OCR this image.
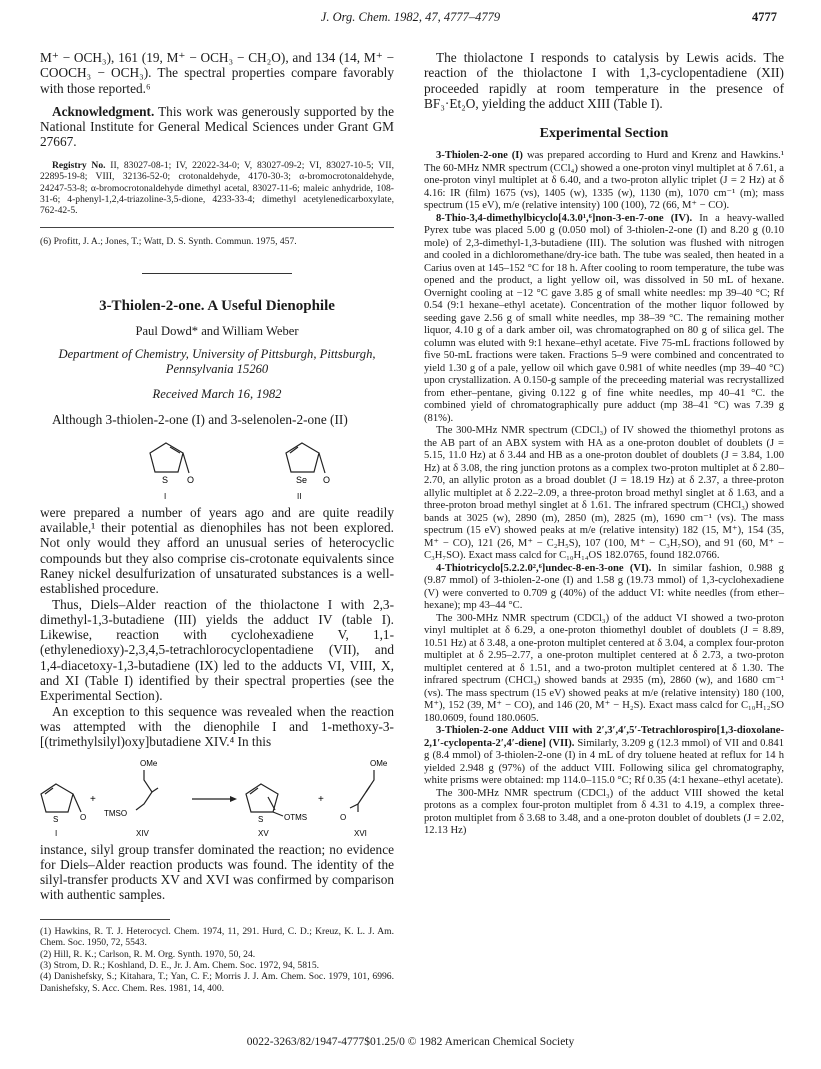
J. Org. Chem. 1982, 47, 4777–4779	4777

M⁺ − OCH₃), 161 (19, M⁺ − OCH₃ − CH₂O), and 134 (14, M⁺ − COOCH₃ − OCH₃). The spectral properties compare favorably with those reported.⁶

Acknowledgment. This work was generously supported by the National Institute for General Medical Sciences under Grant GM 27667.

Registry No. II, 83027-08-1; IV, 22022-34-0; V, 83027-09-2; VI, 83027-10-5; VII, 22895-19-8; VIII, 32136-52-0; crotonaldehyde, 4170-30-3; α-bromocrotonaldehyde, 24247-53-8; α-bromocrotonaldehyde dimethyl acetal, 83027-11-6; maleic anhydride, 108-31-6; 4-phenyl-1,2,4-triazoline-3,5-dione, 4233-33-4; dimethyl acetylenedicarboxylate, 762-42-5.

(6) Profitt, J. A.; Jones, T.; Watt, D. S. Synth. Commun. 1975, 457.
3-Thiolen-2-one. A Useful Dienophile
Paul Dowd* and William Weber
Department of Chemistry, University of Pittsburgh, Pittsburgh, Pennsylvania 15260
Received March 16, 1982

Although 3-thiolen-2-one (I) and 3-selenolen-2-one (II)

S O
I
Se O
II

were prepared a number of years ago and are quite readily available,¹ their potential as dienophiles has not been explored. Not only would they afford an unusual series of heterocyclic compounds but they also comprise cis-crotonate equivalents since Raney nickel desulfurization of unsaturated substances is a well-established procedure.

Thus, Diels–Alder reaction of the thiolactone I with 2,3-dimethyl-1,3-butadiene (III) yields the adduct IV (table I). Likewise, reaction with cyclohexadiene V, 1,1-(ethylenedioxy)-2,3,4,5-tetrachlorocyclopentadiene (VII), and 1,4-diacetoxy-1,3-butadiene (IX) led to the adducts VI, VIII, X, and XI (Table I) identified by their spectral properties (see the Experimental Section).

An exception to this sequence was revealed when the reaction was attempted with the dienophile I and 1-methoxy-3-[(trimethylsilyl)oxy]butadiene XIV.⁴ In this

S	O
I
+
OMe
TMSO
XIV
S	OTMS
XV
+
OMe
O
XVI

instance, silyl group transfer dominated the reaction; no evidence for Diels–Alder reaction products was found. The identity of the silyl-transfer products XV and XVI was confirmed by comparison with authentic samples.

(1) Hawkins, R. T. J. Heterocycl. Chem. 1974, 11, 291. Hurd, C. D.; Kreuz, K. L. J. Am. Chem. Soc. 1950, 72, 5543.

(2) Hill, R. K.; Carlson, R. M. Org. Synth. 1970, 50, 24.

(3) Strom, D. R.; Koshland, D. E., Jr. J. Am. Chem. Soc. 1972, 94, 5815.

(4) Danishefsky, S.; Kitahara, T.; Yan, C. F.; Morris J. J. Am. Chem. Soc. 1979, 101, 6996. Danishefsky, S. Acc. Chem. Res. 1981, 14, 400.

The thiolactone I responds to catalysis by Lewis acids. The reaction of the thiolactone I with 1,3-cyclopentadiene (XII) proceeded rapidly at room temperature in the presence of BF₃·Et₂O, yielding the adduct XIII (Table I).

Experimental Section

3-Thiolen-2-one (I) was prepared according to Hurd and Krenz and Hawkins.¹ The 60-MHz NMR spectrum (CCl₄) showed a one-proton vinyl multiplet at δ 7.61, a one-proton vinyl multiplet at δ 6.40, and a two-proton allylic triplet (J = 2 Hz) at δ 4.16: IR (film) 1675 (vs), 1405 (w), 1335 (w), 1130 (m), 1070 cm⁻¹ (m); mass spectrum (15 eV), m/e (relative intensity) 100 (100), 72 (66, M⁺ − CO).

8-Thio-3,4-dimethylbicyclo[4.3.0¹,⁶]non-3-en-7-one (IV). In a heavy-walled Pyrex tube was placed 5.00 g (0.050 mol) of 3-thiolen-2-one (I) and 8.20 g (0.10 mole) of 2,3-dimethyl-1,3-butadiene (III). The solution was flushed with nitrogen and cooled in a dichloromethane/dry-ice bath. The tube was sealed, then heated in a Carius oven at 145–152 °C for 18 h. After cooling to room temperature, the tube was opened and the product, a light yellow oil, was dissolved in 50 mL of hexane. Overnight cooling at −12 °C gave 3.85 g of small white needles: mp 39–40 °C; Rf 0.54 (9:1 hexane–ethyl acetate). Concentration of the mother liquor followed by seeding gave 2.56 g of small white needles, mp 38–39 °C. The remaining mother liquor, 4.10 g of a dark amber oil, was chromatographed on 80 g of silica gel. The column was eluted with 9:1 hexane–ethyl acetate. Five 75-mL fractions followed by five 50-mL fractions were taken. Fractions 5–9 were combined and concentrated to yield 1.30 g of a pale, yellow oil which gave 0.981 of white needles (mp 39–40 °C) upon crystallization. A 0.150-g sample of the preceeding material was recrystallized from ether–pentane, giving 0.122 g of fine white needles, mp 40–41 °C. the combined yield of chromatographically pure adduct (mp 38–41 °C) was 7.39 g (81%).

The 300-MHz NMR spectrum (CDCl₃) of IV showed the thiomethyl protons as the AB part of an ABX system with HA as a one-proton doublet of doublets (J = 5.15, 11.0 Hz) at δ 3.44 and HB as a one-proton doublet of doublets (J = 3.84, 1.00 Hz) at δ 3.08, the ring junction protons as a complex two-proton multiplet at δ 2.80–2.70, an allylic proton as a broad doublet (J = 18.19 Hz) at δ 2.37, a three-proton allylic multiplet at δ 2.22–2.09, a three-proton broad methyl singlet at δ 1.63, and a three-proton broad methyl singlet at δ 1.61. The infrared spectrum (CHCl₃) showed bands at 3025 (w), 2890 (m), 2850 (m), 2825 (m), 1690 cm⁻¹ (vs). The mass spectrum (15 eV) showed peaks at m/e (relative intensity) 182 (15, M⁺), 154 (35, M⁺ − CO), 121 (26, M⁺ − C₂H₅S), 107 (100, M⁺ − C₃H₇SO), and 91 (60, M⁺ − C₃H₇SO). Exact mass calcd for C₁₀H₁₄OS 182.0765, found 182.0766.

4-Thiotricyclo[5.2.2.0²,⁶]undec-8-en-3-one (VI). In similar fashion, 0.988 g (9.87 mmol) of 3-thiolen-2-one (I) and 1.58 g (19.73 mmol) of 1,3-cyclohexadiene (V) were converted to 0.709 g (40%) of the adduct VI: white needles (from ether–hexane); mp 43–44 °C.

The 300-MHz NMR spectrum (CDCl₃) of the adduct VI showed a two-proton vinyl multiplet at δ 6.29, a one-proton thiomethyl doublet of doublets (J = 8.89, 10.51 Hz) at δ 3.48, a one-proton multiplet centered at δ 3.04, a complex four-proton multiplet at δ 2.95–2.77, a one-proton multiplet centered at δ 2.73, a two-proton multiplet centered at δ 1.51, and a two-proton multiplet centered at δ 1.30. The infrared spectrum (CHCl₃) showed bands at 2935 (m), 2860 (w), and 1680 cm⁻¹ (vs). The mass spectrum (15 eV) showed peaks at m/e (relative intensity) 180 (100, M⁺), 152 (39, M⁺ − CO), and 146 (20, M⁺ − H₂S). Exact mass calcd for C₁₀H₁₂SO 180.0609, found 180.0605.

3-Thiolen-2-one Adduct VIII with 2′,3′,4′,5′-Tetrachlorospiro[1,3-dioxolane-2,1′-cyclopenta-2′,4′-diene] (VII). Similarly, 3.209 g (12.3 mmol) of VII and 0.841 g (8.4 mmol) of 3-thiolen-2-one (I) in 4 mL of dry toluene heated at reflux for 14 h yielded 2.948 g (97%) of the adduct VIII. Following silica gel chromatography, white prisms were obtained: mp 114.0–115.0 °C; Rf 0.35 (4:1 hexane–ethyl acetate).

The 300-MHz NMR spectrum (CDCl₃) of the adduct VIII showed the ketal protons as a complex four-proton multiplet from δ 4.31 to 4.19, a complex three-proton multiplet from δ 3.68 to 3.48, and a one-proton doublet of doublets (J = 2.02, 12.13 Hz)

0022-3263/82/1947-4777$01.25/0 © 1982 American Chemical Society
